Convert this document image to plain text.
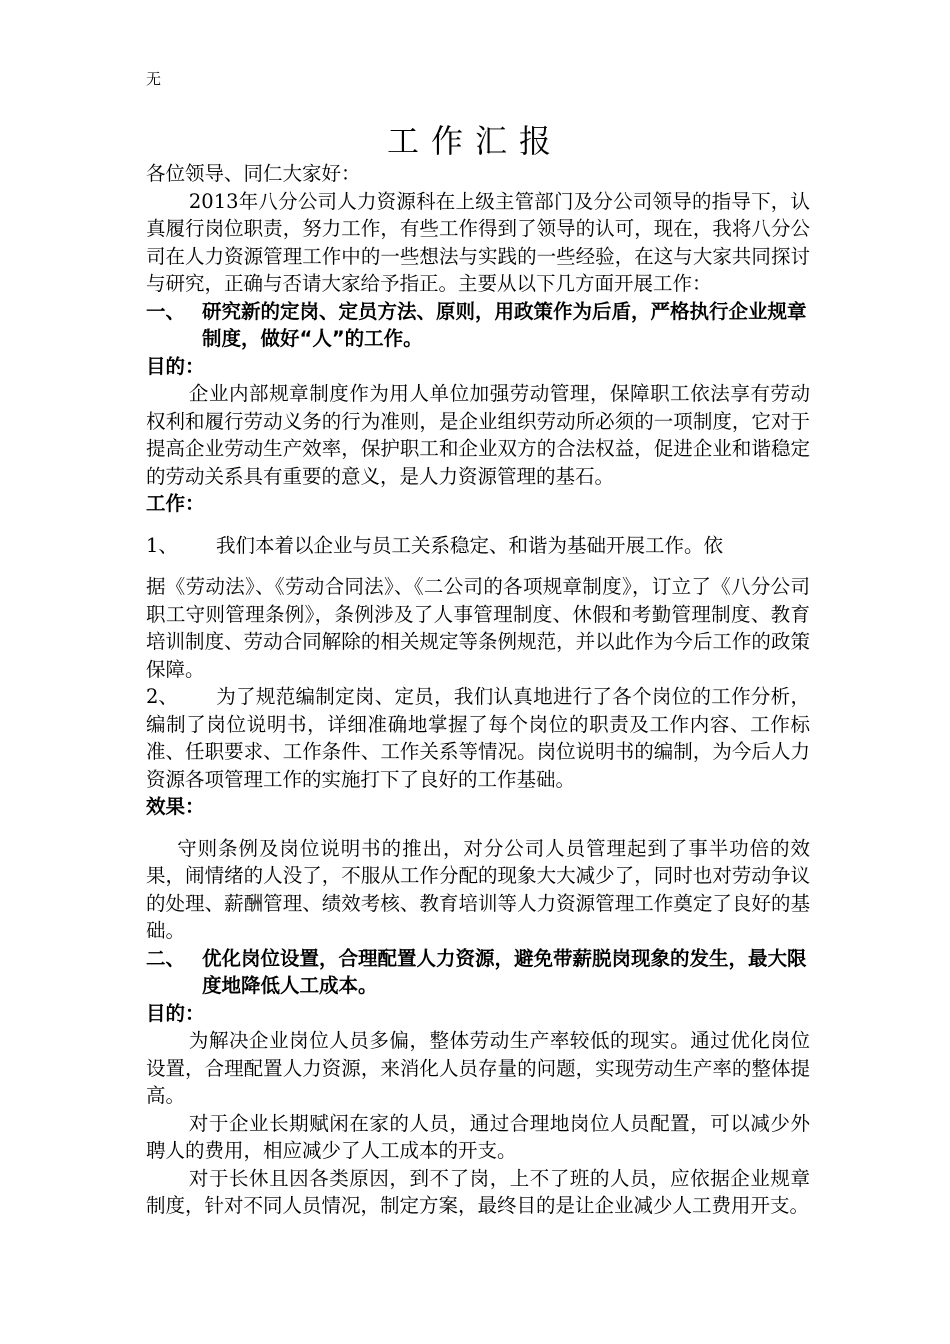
无
工作汇报

各位领导、同仁大家好：

2013年八分公司人力资源科在上级主管部门及分公司领导的指导下，认真履行岗位职责，努力工作，有些工作得到了领导的认可，现在，我将八分公司在人力资源管理工作中的一些想法与实践的一些经验，在这与大家共同探讨与研究，正确与否请大家给予指正。主要从以下几方面开展工作：

一、 研究新的定岗、定员方法、原则，用政策作为后盾，严格执行企业规章制度，做好“人”的工作。
目的：

企业内部规章制度作为用人单位加强劳动管理，保障职工依法享有劳动权利和履行劳动义务的行为准则，是企业组织劳动所必须的一项制度，它对于提高企业劳动生产效率，保护职工和企业双方的合法权益，促进企业和谐稳定的劳动关系具有重要的意义，是人力资源管理的基石。

工作：
1、 我们本着以企业与员工关系稳定、和谐为基础开展工作。依
据《劳动法》、《劳动合同法》、《二公司的各项规章制度》，订立了《八分公司职工守则管理条例》，条例涉及了人事管理制度、休假和考勤管理制度、教育培训制度、劳动合同解除的相关规定等条例规范，并以此作为今后工作的政策保障。
2、 为了规范编制定岗、定员，我们认真地进行了各个岗位的工作分析，编制了岗位说明书，详细准确地掌握了每个岗位的职责及工作内容、工作标准、任职要求、工作条件、工作关系等情况。岗位说明书的编制，为今后人力资源各项管理工作的实施打下了良好的工作基础。
效果：
守则条例及岗位说明书的推出，对分公司人员管理起到了事半功倍的效果，闹情绪的人没了，不服从工作分配的现象大大减少了，同时也对劳动争议的处理、薪酬管理、绩效考核、教育培训等人力资源管理工作奠定了良好的基础。
二、 优化岗位设置，合理配置人力资源，避免带薪脱岗现象的发生，最大限度地降低人工成本。
目的：

为解决企业岗位人员多偏，整体劳动生产率较低的现实。通过优化岗位设置，合理配置人力资源，来消化人员存量的问题，实现劳动生产率的整体提高。

对于企业长期赋闲在家的人员，通过合理地岗位人员配置，可以减少外聘人的费用，相应减少了人工成本的开支。

对于长休且因各类原因，到不了岗，上不了班的人员，应依据企业规章制度，针对不同人员情况，制定方案，最终目的是让企业减少人工费用开支。
